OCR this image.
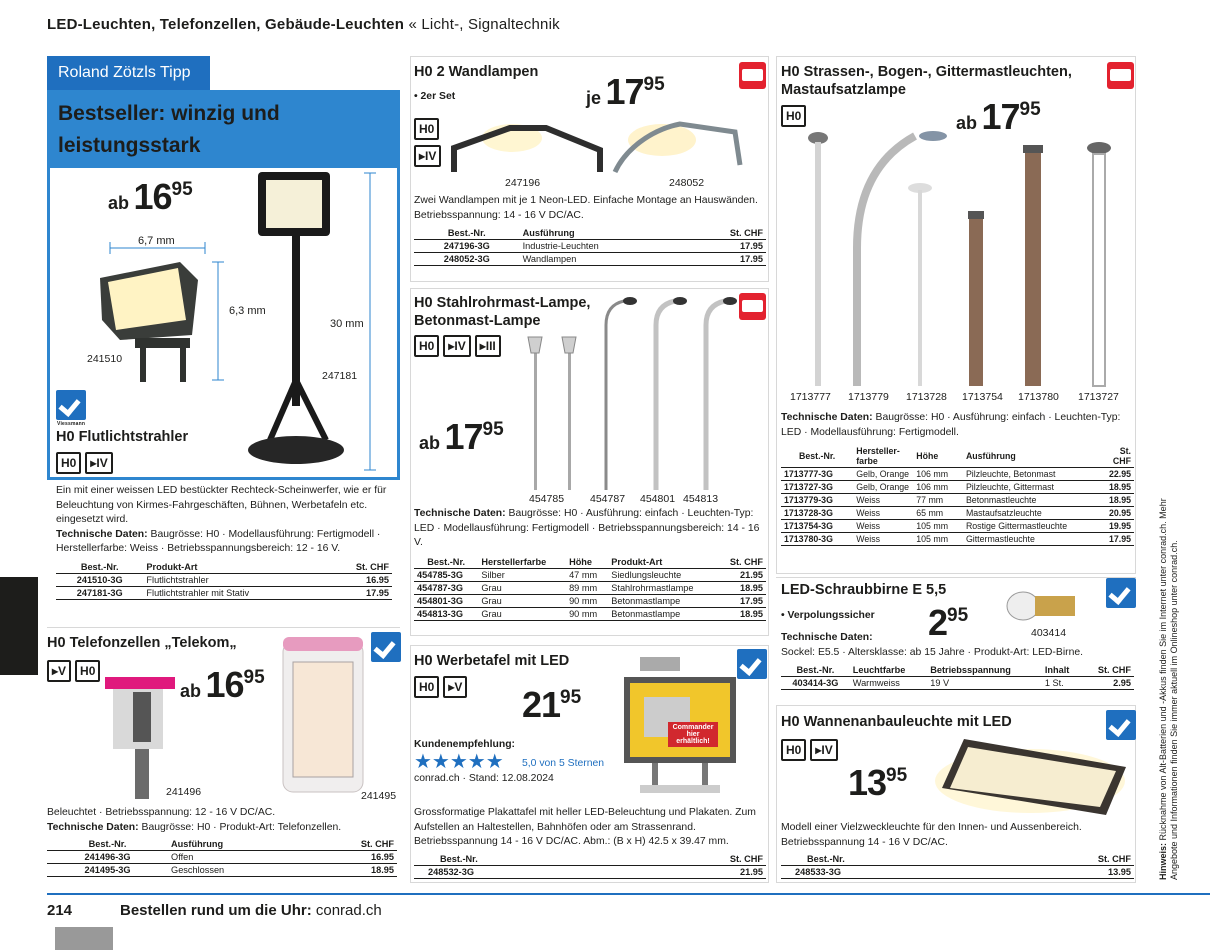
LED-Leuchten, Telefonzellen, Gebäude-Leuchten « Licht-, Signaltechnik
Roland Zötzls Tipp
Bestseller: winzig und leistungsstark
ab 1695
6,7 mm
6,3 mm
30 mm
241510
247181
Viessmann
H0 Flutlichtstrahler
H0 ▸IV
Ein mit einer weissen LED bestückter Rechteck-Scheinwerfer, wie er für Beleuchtung von Kirmes-Fahrgeschäften, Bühnen, Werbetafeln etc. eingesetzt wird.
Technische Daten: Baugrösse: H0 · Modellausführung: Fertigmodell · Herstellerfarbe: Weiss · Betriebsspannungsbereich: 12 - 16 V.
Best.-Nr.	Produkt-Art	St. CHF
241510-3G	Flutlichtstrahler	16.95
247181-3G	Flutlichtstrahler mit Stativ	17.95
H0 Telefonzellen „Telekom„
▸V H0
ab 1695
241496	241495
Beleuchtet · Betriebsspannung: 12 - 16 V DC/AC.
Technische Daten: Baugrösse: H0 · Produkt-Art: Telefonzellen.
Best.-Nr.	Ausführung	St. CHF
241496-3G	Offen	16.95
241495-3G	Geschlossen	18.95
H0 2 Wandlampen
• 2er Set	je 1795
H0▸IV
247196	248052
Zwei Wandlampen mit je 1 Neon-LED. Einfache Montage an Hauswänden. Betriebsspannung: 14 - 16 V DC/AC.
Best.-Nr.	Ausführung	St. CHF
247196-3G	Industrie-Leuchten	17.95
248052-3G	Wandlampen	17.95
H0 Stahlrohrmast-Lampe, Betonmast-Lampe
H0 ▸IV ▸III
ab 1795
454785 454787 454801 454813
Technische Daten: Baugrösse: H0 · Ausführung: einfach · Leuchten-Typ: LED · Modellausführung: Fertigmodell · Betriebsspannungsbereich: 14 - 16 V.
Best.-Nr.	Herstellerfarbe	Höhe	Produkt-Art	St. CHF
454785-3G	Silber	47 mm	Siedlungsleuchte	21.95
454787-3G	Grau	89 mm	Stahlrohrmastlampe	18.95
454801-3G	Grau	90 mm	Betonmastlampe	17.95
454813-3G	Grau	90 mm	Betonmastlampe	18.95
H0 Werbetafel mit LED
H0 ▸V 2195
Commander hier erhältlich!
Kundenempfehlung:
★★★★★ 5,0 von 5 Sternen
conrad.ch · Stand: 12.08.2024
Grossformatige Plakattafel mit heller LED-Beleuchtung und Plakaten. Zum Aufstellen an Haltestellen, Bahnhöfen oder am Strassenrand. Betriebsspannung 14 - 16 V DC/AC. Abm.: (B x H) 42.5 x 39.47 mm.
Best.-Nr.	St. CHF
248532-3G	21.95
H0 Strassen-, Bogen-, Gittermastleuchten, Mastaufsatzlampe
H0	ab 1795
1713777 1713779 1713728 1713754 1713780 1713727
Technische Daten: Baugrösse: H0 · Ausführung: einfach · Leuchten-Typ: LED · Modellausführung: Fertigmodell.
Best.-Nr.	Hersteller-farbe	Höhe	Ausführung	St. CHF
1713777-3G	Gelb, Orange	106 mm	Pilzleuchte, Betonmast	22.95
1713727-3G	Gelb, Orange	106 mm	Pilzleuchte, Gittermast	18.95
1713779-3G	Weiss	77 mm	Betonmastleuchte	18.95
1713728-3G	Weiss	65 mm	Mastaufsatzleuchte	20.95
1713754-3G	Weiss	105 mm	Rostige Gittermastleuchte	19.95
1713780-3G	Weiss	105 mm	Gittermastleuchte	17.95
LED-Schraubbirne E 5,5
• Verpolungssicher 295
403414
Technische Daten:
Sockel: E5.5 · Altersklasse: ab 15 Jahre · Produkt-Art: LED-Birne.
Best.-Nr.	Leuchtfarbe	Betriebsspannung	Inhalt	St. CHF
403414-3G	Warmweiss	19 V	1 St.	2.95
H0 Wannenanbauleuchte mit LED
H0 ▸IV
1395
Modell einer Vielzweckleuchte für den Innen- und Aussenbereich. Betriebsspannung 14 - 16 V DC/AC.
Best.-Nr.	St. CHF
248533-3G	13.95	Hinweis: Rücknahme von Alt-Batterien und -Akkus finden Sie im Internet unter conrad.ch. Mehr Angebote und Informationen finden Sie immer aktuell im Onlineshop unter conrad.ch.
214	Bestellen rund um die Uhr: conrad.ch
